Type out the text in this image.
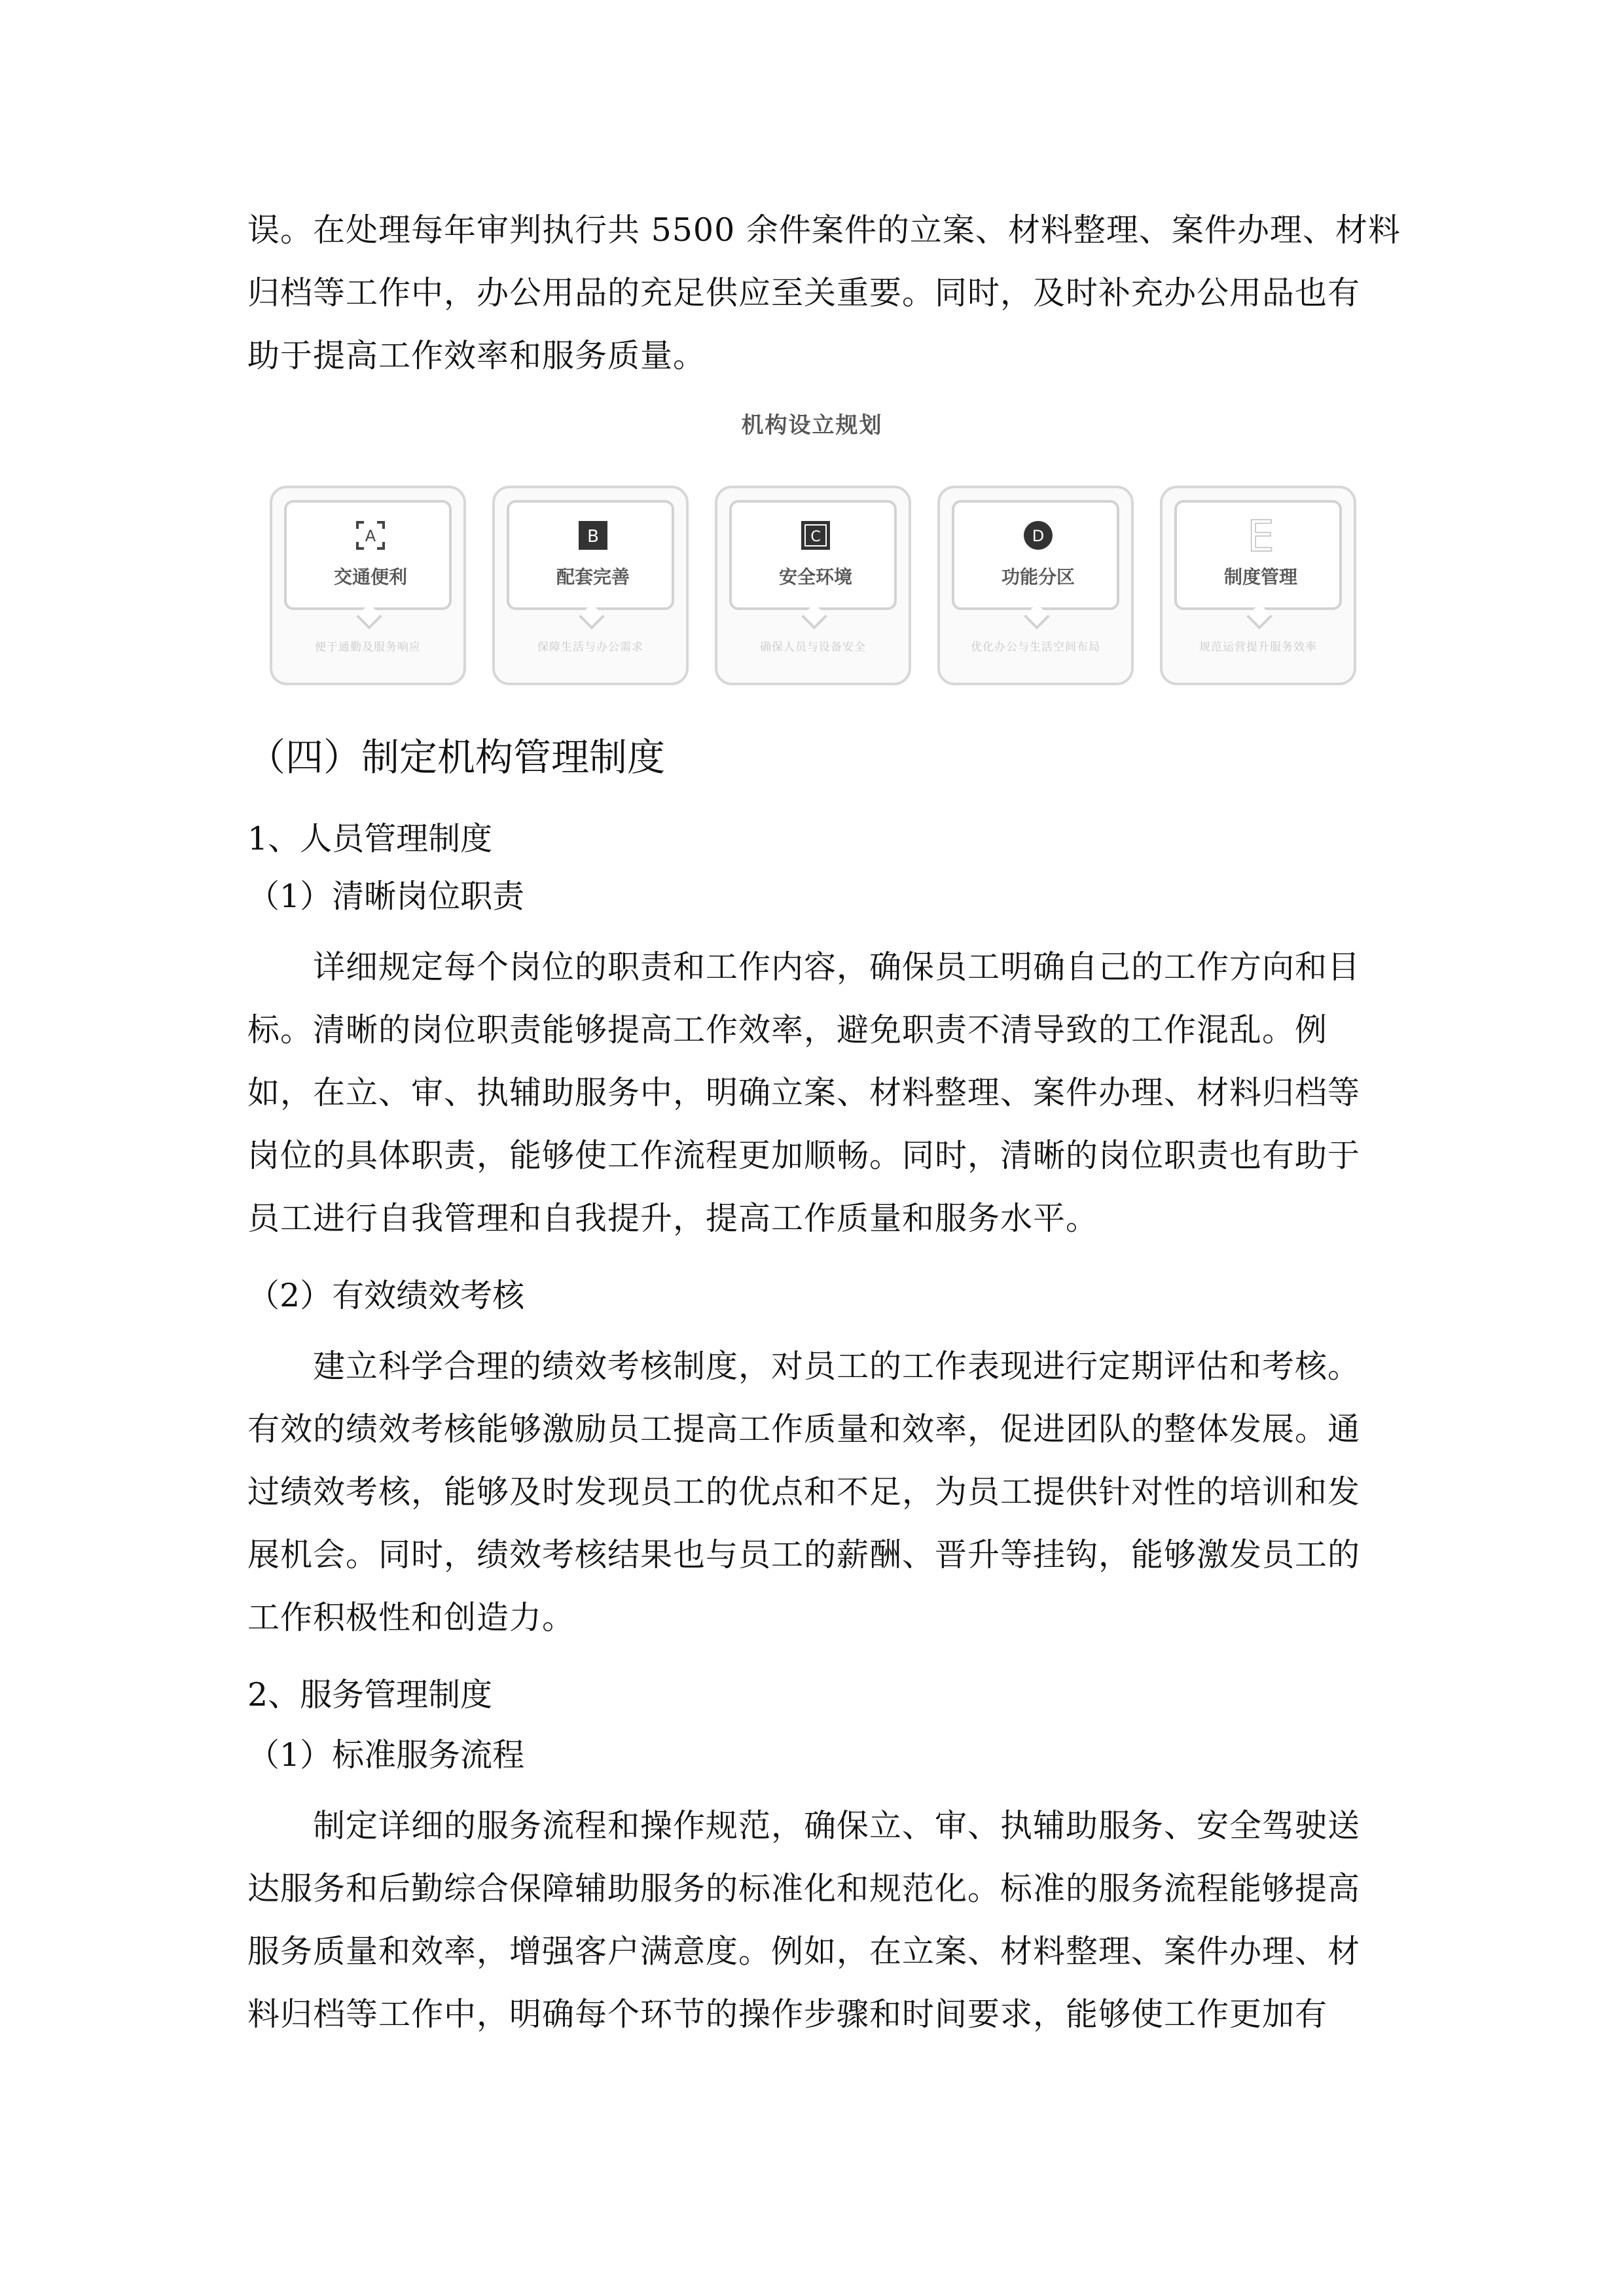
误。在处理每年审判执行共 5500 余件案件的立案、材料整理、案件办理、材料
归档等工作中，办公用品的充足供应至关重要。同时，及时补充办公用品也有
助于提高工作效率和服务质量。
机构设立规划
A
交通便利
便于通勤及服务响应
B
配套完善
保障生活与办公需求
C
安全环境
确保人员与设备安全
D
功能分区
优化办公与生活空间布局
E
制度管理
规范运营提升服务效率
（四）制定机构管理制度
1、人员管理制度
（1）清晰岗位职责
详细规定每个岗位的职责和工作内容，确保员工明确自己的工作方向和目
标。清晰的岗位职责能够提高工作效率，避免职责不清导致的工作混乱。例
如，在立、审、执辅助服务中，明确立案、材料整理、案件办理、材料归档等
岗位的具体职责，能够使工作流程更加顺畅。同时，清晰的岗位职责也有助于
员工进行自我管理和自我提升，提高工作质量和服务水平。
（2）有效绩效考核
建立科学合理的绩效考核制度，对员工的工作表现进行定期评估和考核。
有效的绩效考核能够激励员工提高工作质量和效率，促进团队的整体发展。通
过绩效考核，能够及时发现员工的优点和不足，为员工提供针对性的培训和发
展机会。同时，绩效考核结果也与员工的薪酬、晋升等挂钩，能够激发员工的
工作积极性和创造力。
2、服务管理制度
（1）标准服务流程
制定详细的服务流程和操作规范，确保立、审、执辅助服务、安全驾驶送
达服务和后勤综合保障辅助服务的标准化和规范化。标准的服务流程能够提高
服务质量和效率，增强客户满意度。例如，在立案、材料整理、案件办理、材
料归档等工作中，明确每个环节的操作步骤和时间要求，能够使工作更加有
